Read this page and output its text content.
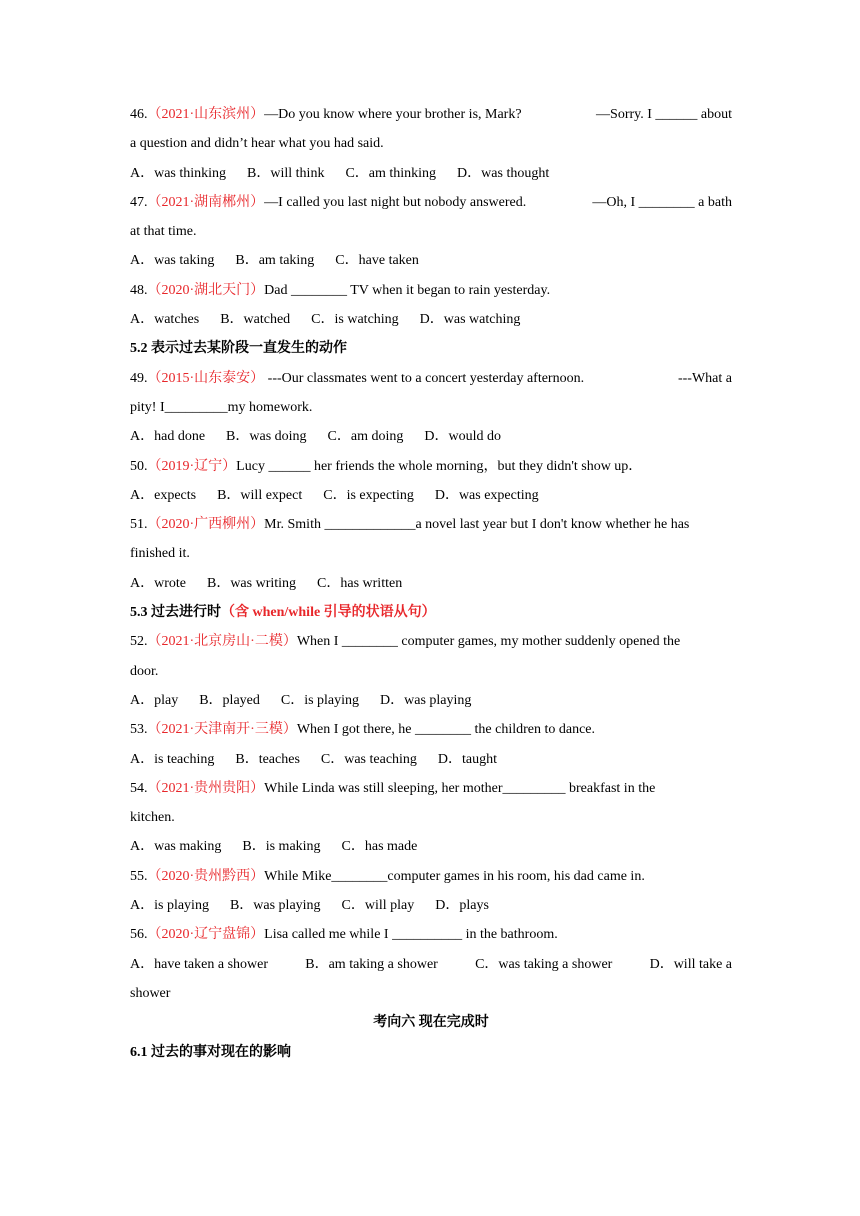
46.（2021·山东滨州）—Do you know where your brother is, Mark?	—Sorry. I ______ about
a question and didn’t hear what you had said.
A．was thinking      B．will think      C．am thinking      D．was thought
47.（2021·湖南郴州）—I called you last night but nobody answered.	—Oh, I ________ a bath
at that time.
A．was taking      B．am taking      C．have taken
48.（2020·湖北天门）Dad ________ TV when it began to rain yesterday.
A．watches      B．watched      C．is watching      D．was watching
5.2 表示过去某阶段一直发生的动作
49.（2015·山东泰安） ---Our classmates went to a concert yesterday afternoon.	---What a
pity! I_________my homework.
A．had done      B．was doing      C．am doing      D．would do
50.（2019·辽宁）Lucy ______ her friends the whole morning，but they didn't show up．
A．expects      B．will expect      C．is expecting      D．was expecting
51.（2020·广西柳州）Mr. Smith _____________a novel last year but I don't know whether he has
finished it.
A．wrote      B．was writing      C．has written
5.3 过去进行时（含 when/while 引导的状语从句）
52.（2021·北京房山·二模）When I ________ computer games, my mother suddenly opened the
door.
A．play      B．played      C．is playing      D．was playing
53.（2021·天津南开·三模）When I got there, he ________ the children to dance.
A．is teaching      B．teaches      C．was teaching      D．taught
54.（2021·贵州贵阳）While Linda was still sleeping, her mother_________ breakfast in the
kitchen.
A．was making      B．is making      C．has made
55.（2020·贵州黔西）While Mike________computer games in his room, his dad came in.
A．is playing      B．was playing      C．will play      D．plays
56.（2020·辽宁盘锦）Lisa called me while I __________ in the bathroom.
A．have taken a shower	B．am taking a shower	C．was taking a shower	D．will take a
shower
考向六 现在完成时
6.1 过去的事对现在的影响
